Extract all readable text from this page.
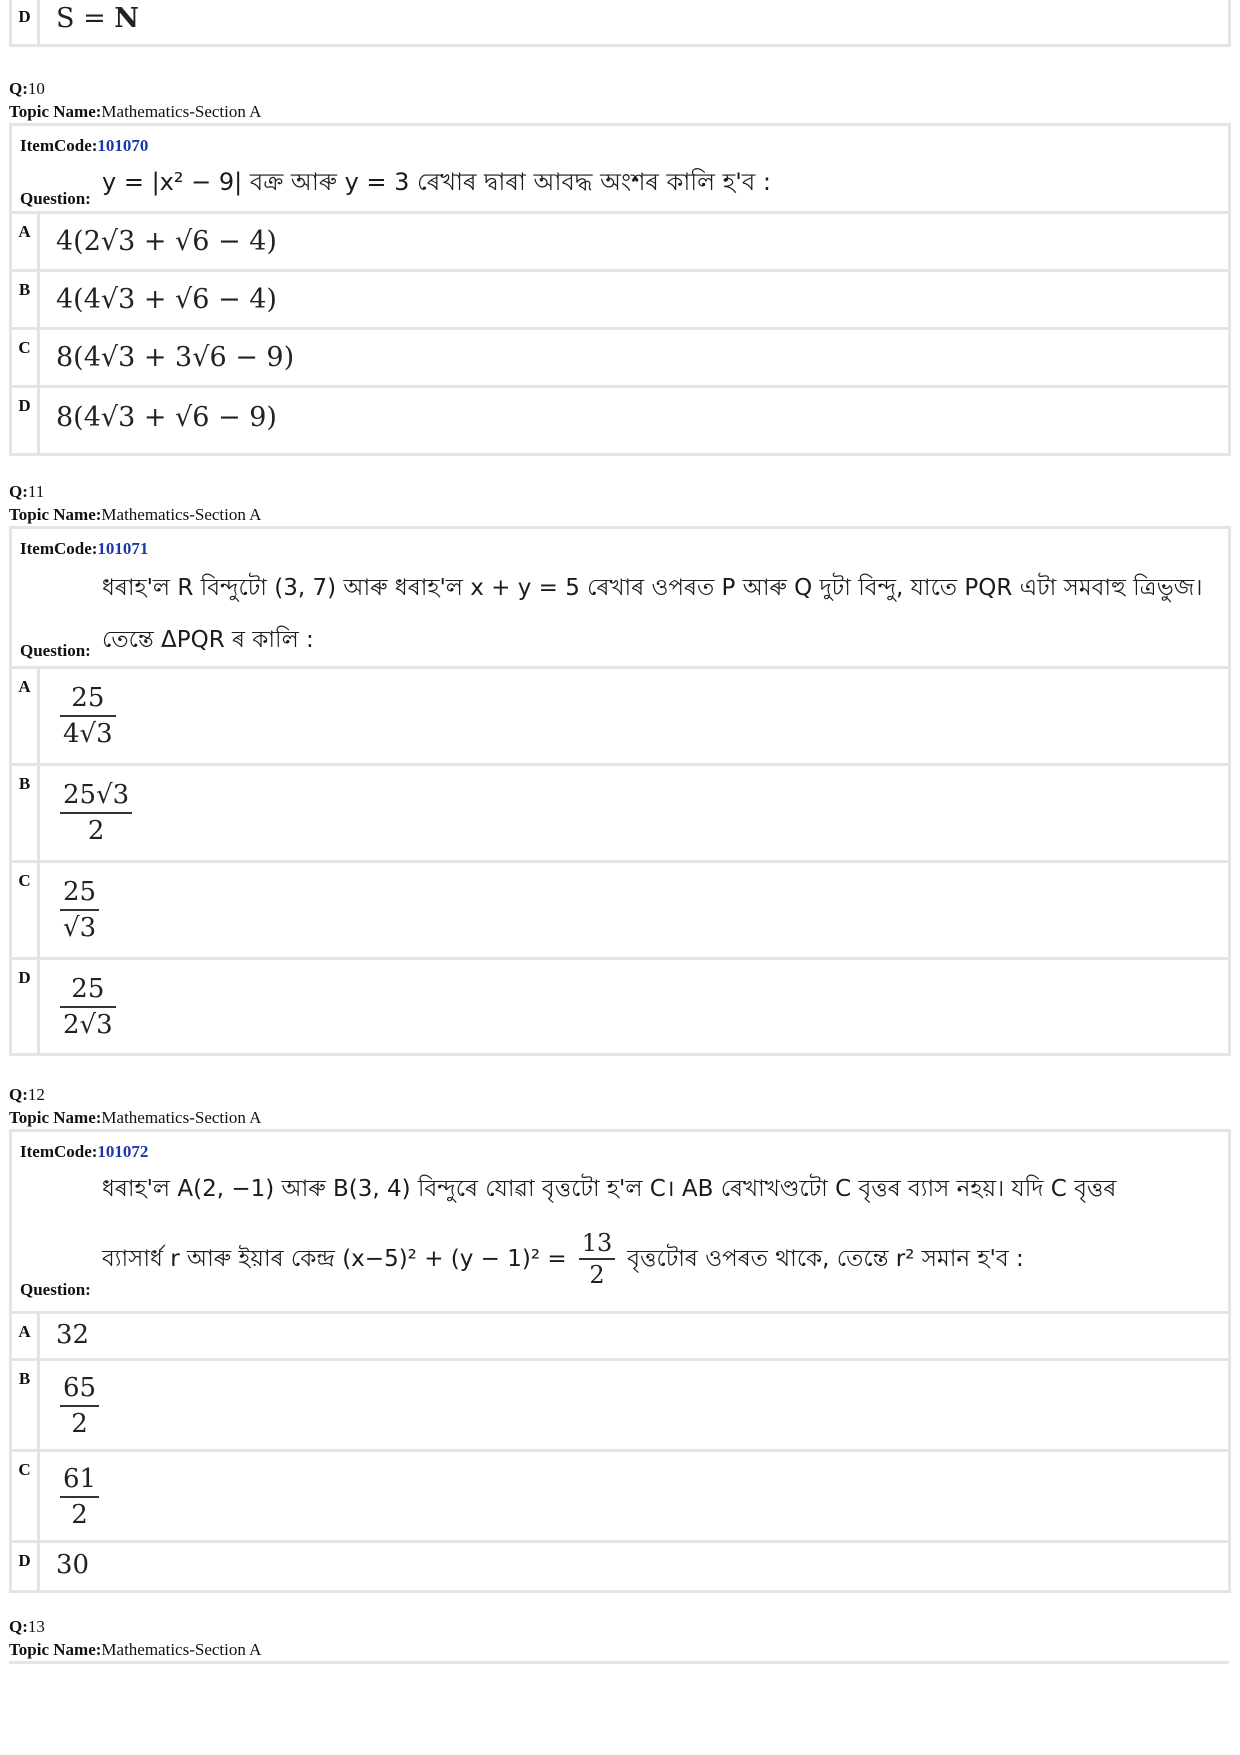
D S = N
Q:10
Topic Name:Mathematics-Section A
ItemCode:101070
Question:
y = |x² − 9| বক্ৰ আৰু y = 3 ৰেখাৰ দ্বাৰা আবদ্ধ অংশৰ কালি হ'ব :
A 4(2√3 + √6 − 4)
B 4(4√3 + √6 − 4)
C 8(4√3 + 3√6 − 9)
D 8(4√3 + √6 − 9)
Q:11
Topic Name:Mathematics-Section A
ItemCode:101071
Question:
ধৰাহ'ল R বিন্দুটো (3, 7) আৰু ধৰাহ'ল x + y = 5 ৰেখাৰ ওপৰত P আৰু Q দুটা বিন্দু, যাতে PQR এটা সমবাহু ত্ৰিভুজ।
তেন্তে ΔPQR ৰ কালি :
A	$\frac{25}{4√3}$
B	$\frac{25√3}{2}$
C	$\frac{25}{√3}$
D	$\frac{25}{2√3}$
Q:12
Topic Name:Mathematics-Section A
ItemCode:101072
Question:
ধৰাহ'ল A(2, −1) আৰু B(3, 4) বিন্দুৰে যোৱা বৃত্তটো হ'ল C। AB ৰেখাখণ্ডটো C বৃত্তৰ ব্যাস নহয়। যদি C বৃত্তৰ
ব্যাসাৰ্ধ r আৰু ইয়াৰ কেন্দ্ৰ $(x-5)^2 + (y - 1)^2 = \frac{13}{2}$ বৃত্তটোৰ ওপৰত থাকে, তেন্তে r² সমান হ'ব :
A 32
B	$\frac{65}{2}$
C	$\frac{61}{2}$
D 30
Q:13
Topic Name:Mathematics-Section A
